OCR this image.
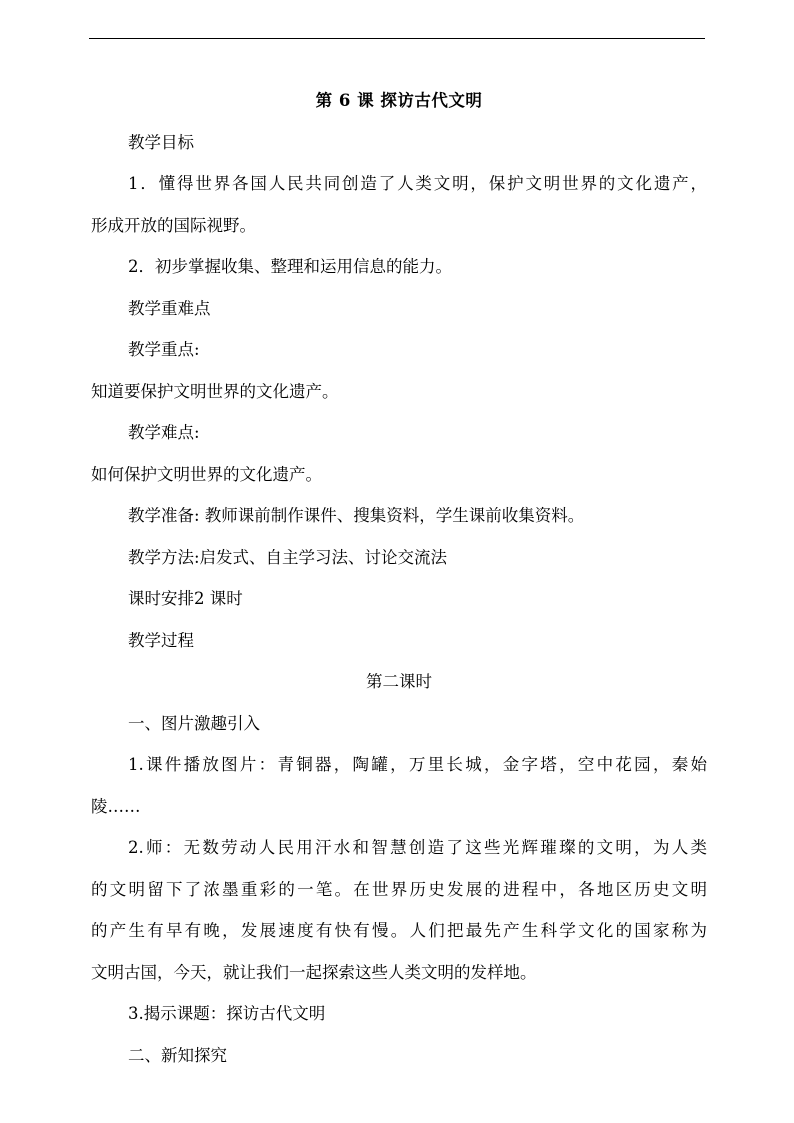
第 6 课 探访古代文明
教学目标
1．懂得世界各国人民共同创造了人类文明，保护文明世界的文化遗产，
形成开放的国际视野。
2．初步掌握收集、整理和运用信息的能力。
教学重难点
教学重点:
知道要保护文明世界的文化遗产。
教学难点:
如何保护文明世界的文化遗产。
教学准备: 教师课前制作课件、搜集资料，学生课前收集资料。
教学方法:启发式、自主学习法、讨论交流法
课时安排2 课时
教学过程
第二课时
一、图片激趣引入
1.课件播放图片：青铜器，陶罐，万里长城，金字塔，空中花园，秦始
陵……
2.师：无数劳动人民用汗水和智慧创造了这些光辉璀璨的文明，为人类
的文明留下了浓墨重彩的一笔。在世界历史发展的进程中，各地区历史文明
的产生有早有晚，发展速度有快有慢。人们把最先产生科学文化的国家称为
文明古国，今天，就让我们一起探索这些人类文明的发样地。
3.揭示课题：探访古代文明
二、新知探究
